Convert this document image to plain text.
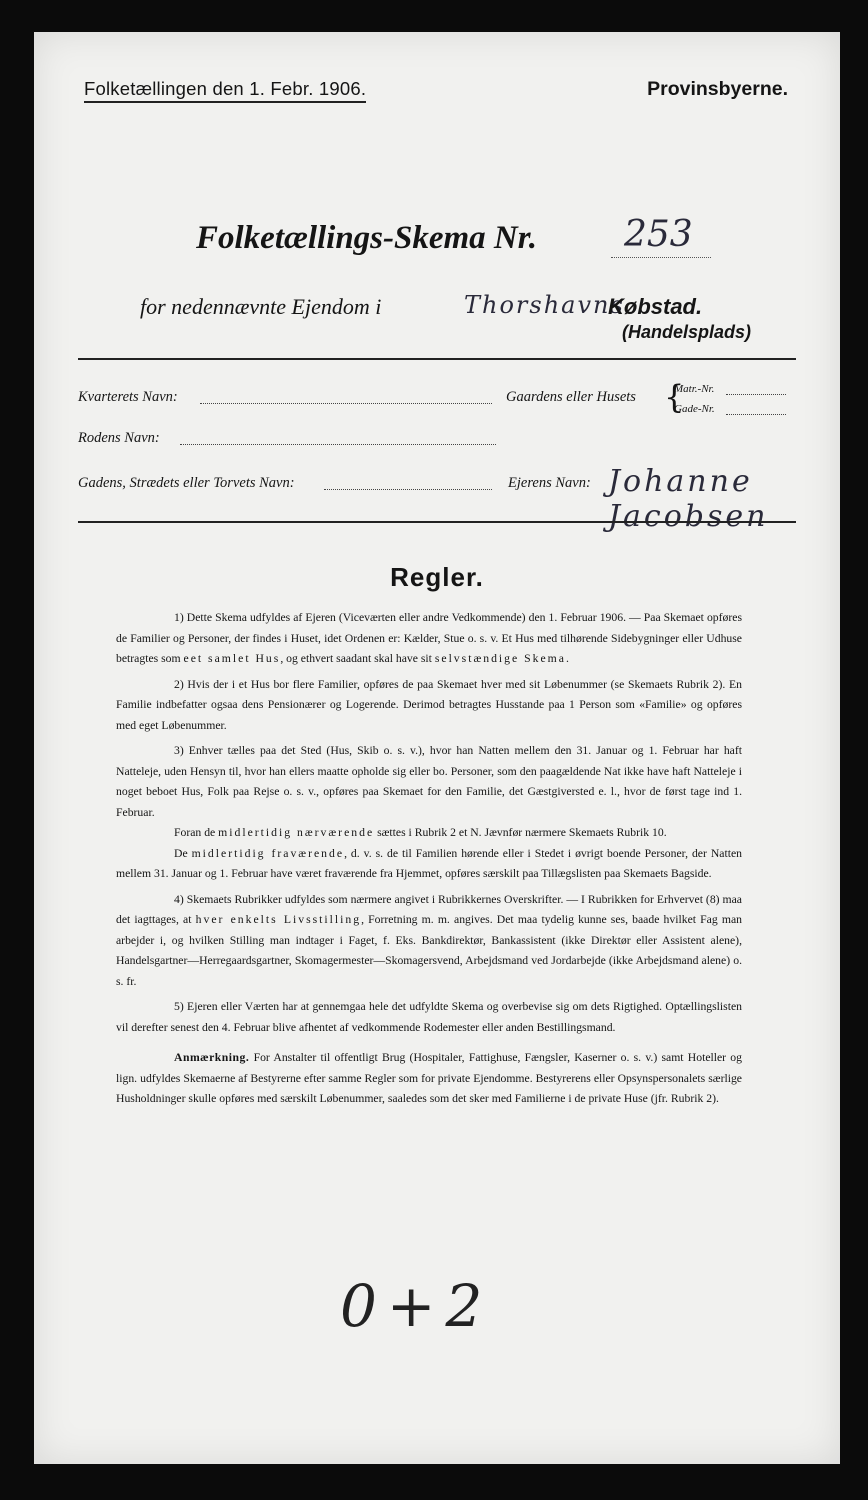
Folketællingen den 1. Febr. 1906.	Provinsbyerne.
Folketællings-Skema Nr. 253
for nedennævnte Ejendom i	Thorshavns
Købstad.
(Handelsplads)
Kvarterets Navn:	Gaardens eller Husets {
Matr.-Nr.
Gade-Nr.
Rodens Navn:
Gadens, Strædets eller Torvets Navn:	Ejerens Navn: Johanne Jacobsen
Regler.

1) Dette Skema udfyldes af Ejeren (Viceværten eller andre Vedkommende) den 1. Februar 1906. — Paa Skemaet opføres de Familier og Personer, der findes i Huset, idet Ordenen er: Kælder, Stue o. s. v. Et Hus med tilhørende Sidebygninger eller Udhuse betragtes som eet samlet Hus, og ethvert saadant skal have sit selvstændige Skema.

2) Hvis der i et Hus bor flere Familier, opføres de paa Skemaet hver med sit Løbenummer (se Skemaets Rubrik 2). En Familie indbefatter ogsaa dens Pensionærer og Logerende. Derimod betragtes Husstande paa 1 Person som «Familie» og opføres med eget Løbenummer.

3) Enhver tælles paa det Sted (Hus, Skib o. s. v.), hvor han Natten mellem den 31. Januar og 1. Februar har haft Natteleje, uden Hensyn til, hvor han ellers maatte opholde sig eller bo. Personer, som den paagældende Nat ikke have haft Natteleje i noget beboet Hus, Folk paa Rejse o. s. v., opføres paa Skemaet for den Familie, det Gæstgiversted e. l., hvor de først tage ind 1. Februar.

Foran de midlertidig nærværende sættes i Rubrik 2 et N. Jævnfør nærmere Skemaets Rubrik 10.

De midlertidig fraværende, d. v. s. de til Familien hørende eller i Stedet i øvrigt boende Personer, der Natten mellem 31. Januar og 1. Februar have været fraværende fra Hjemmet, opføres særskilt paa Tillægslisten paa Skemaets Bagside.

4) Skemaets Rubrikker udfyldes som nærmere angivet i Rubrikkernes Overskrifter. — I Rubrikken for Erhvervet (8) maa det iagttages, at hver enkelts Livsstilling, Forretning m. m. angives. Det maa tydelig kunne ses, baade hvilket Fag man arbejder i, og hvilken Stilling man indtager i Faget, f. Eks. Bankdirektør, Bankassistent (ikke Direktør eller Assistent alene), Handelsgartner—Herregaardsgartner, Skomagermester—Skomagersvend, Arbejdsmand ved Jordarbejde (ikke Arbejdsmand alene) o. s. fr.

5) Ejeren eller Værten har at gennemgaa hele det udfyldte Skema og overbevise sig om dets Rigtighed. Optællingslisten vil derefter senest den 4. Februar blive afhentet af vedkommende Rodemester eller anden Bestillingsmand.

Anmærkning. For Anstalter til offentligt Brug (Hospitaler, Fattighuse, Fængsler, Kaserner o. s. v.) samt Hoteller og lign. udfyldes Skemaerne af Bestyrerne efter samme Regler som for private Ejendomme. Bestyrerens eller Opsynspersonalets særlige Husholdninger skulle opføres med særskilt Løbenummer, saaledes som det sker med Familierne i de private Huse (jfr. Rubrik 2).

0+2
